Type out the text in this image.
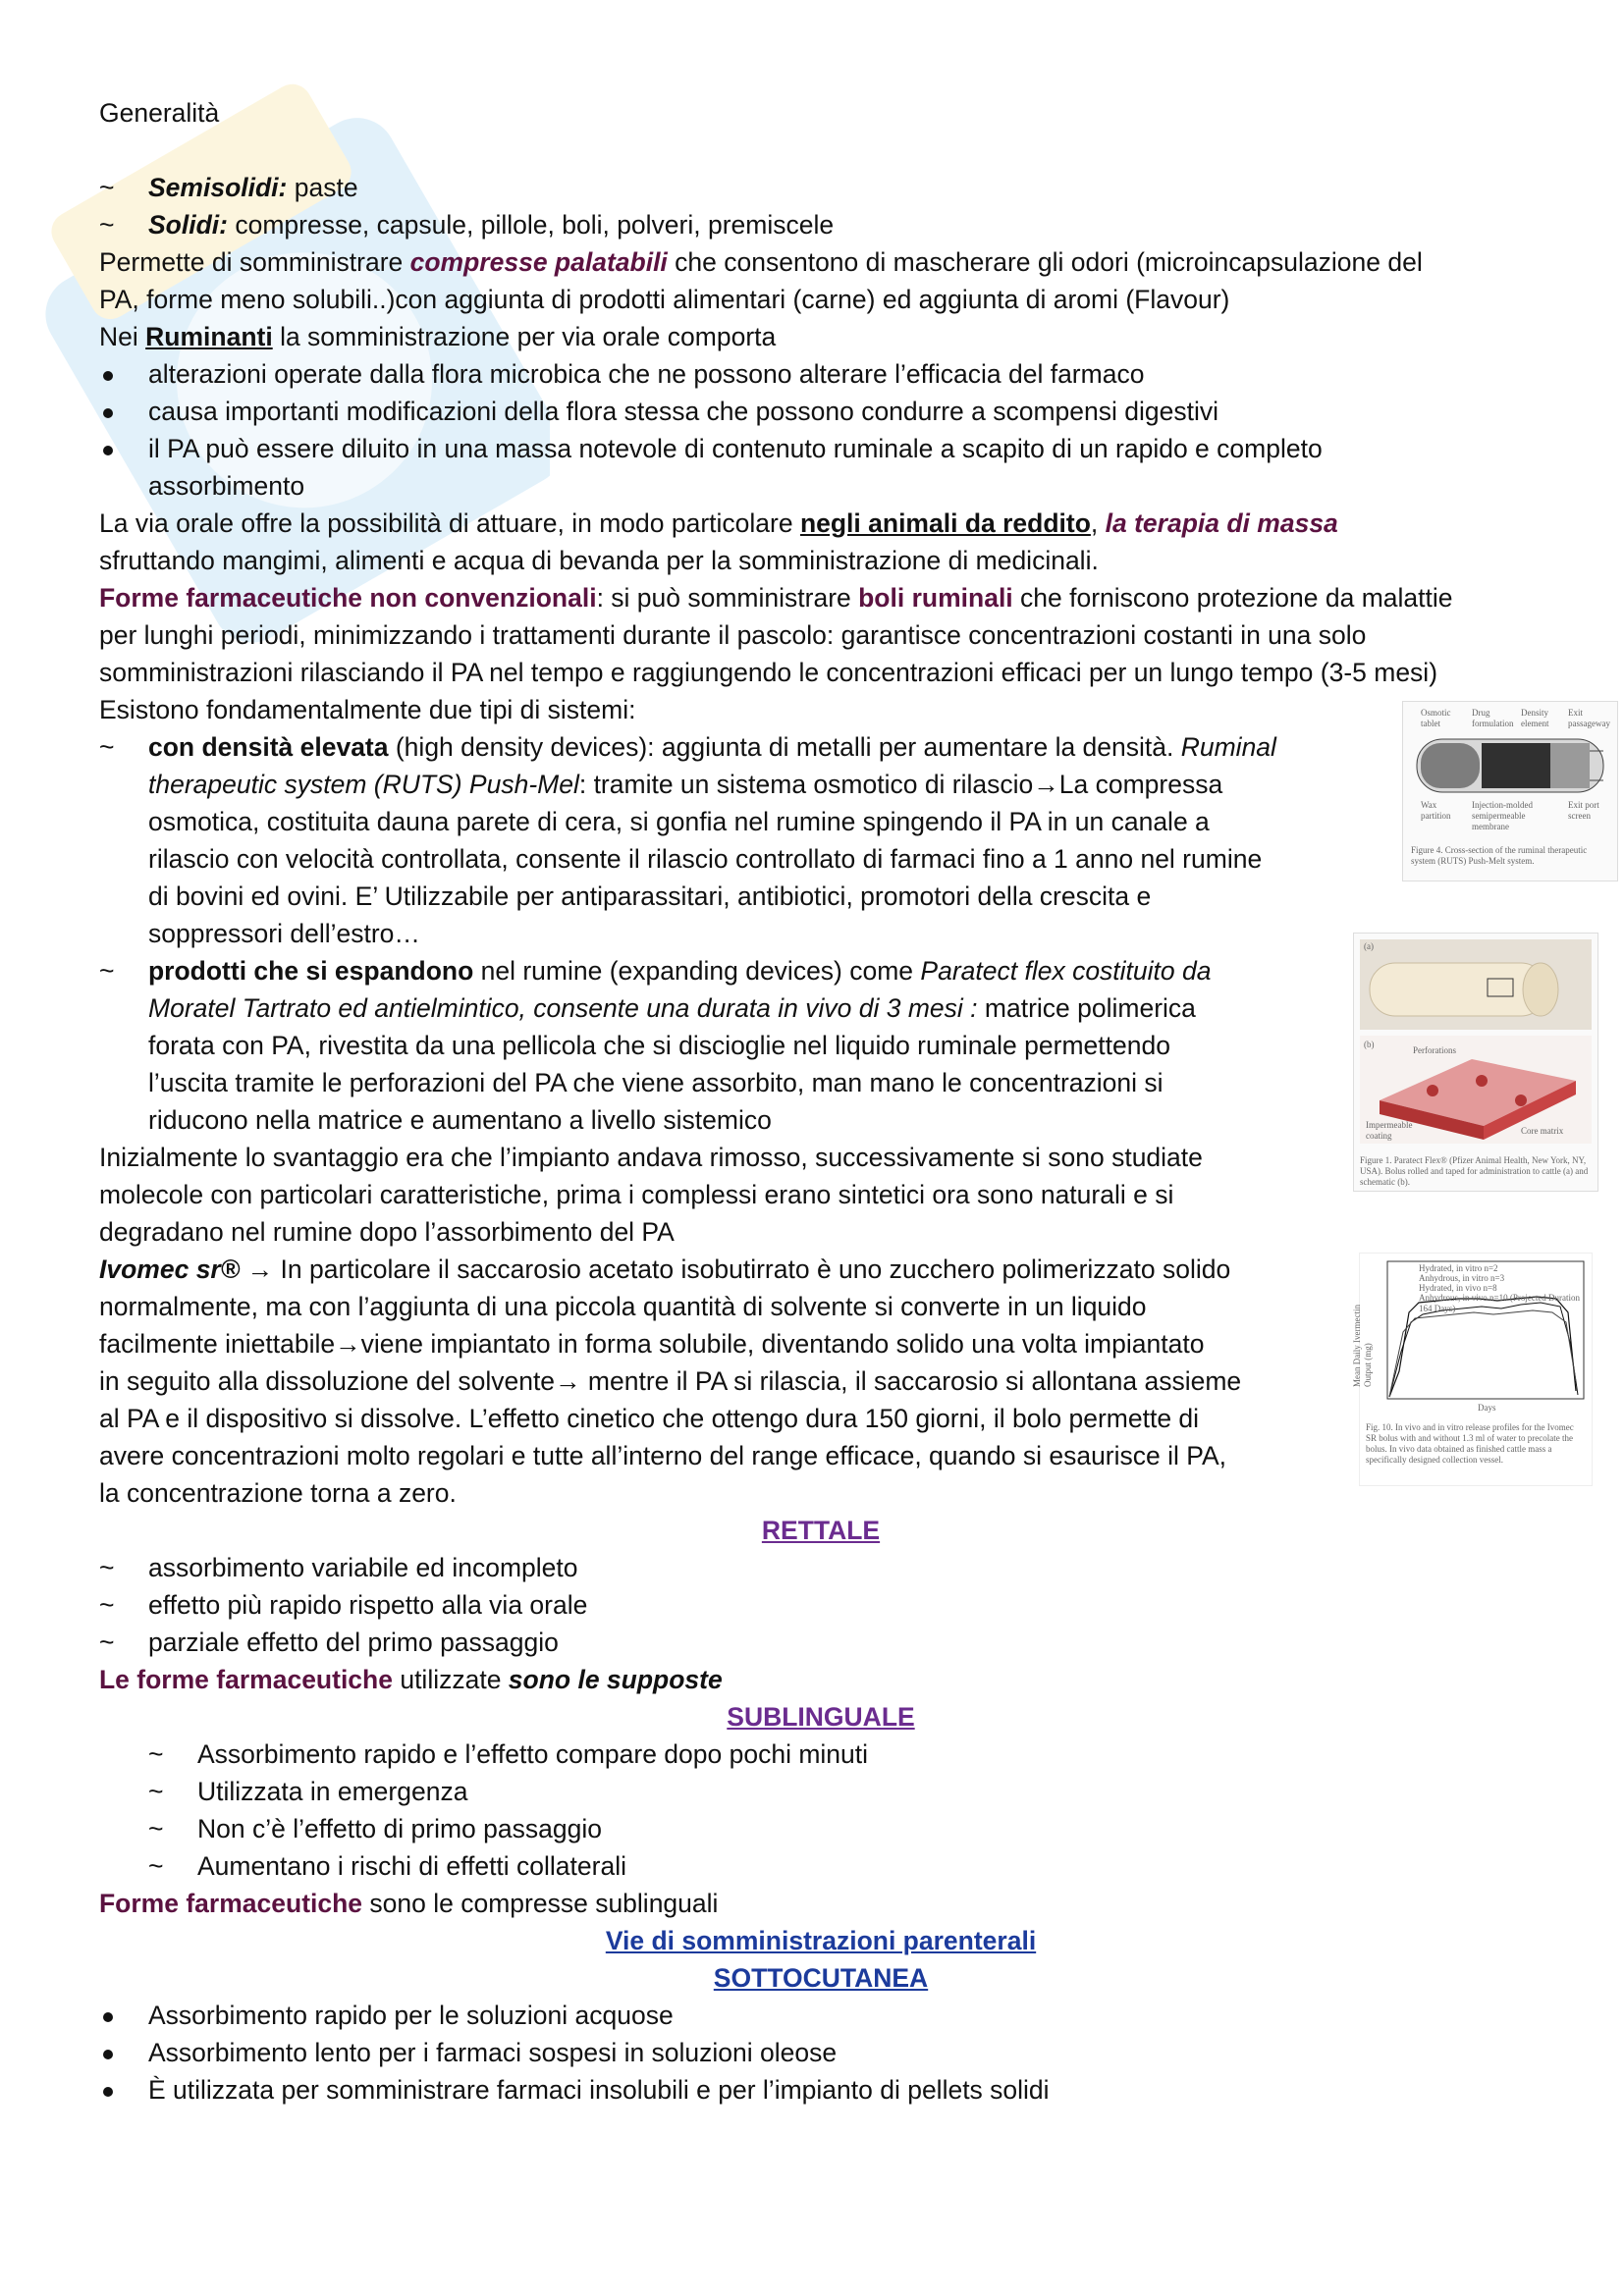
Generalità
~	Semisolidi: paste
~	Solidi: compresse, capsule, pillole, boli, polveri, premiscele
Permette di somministrare compresse palatabili che consentono di mascherare gli odori (microincapsulazione del
PA, forme meno solubili..)con aggiunta di prodotti alimentari (carne) ed aggiunta di aromi (Flavour)
Nei Ruminanti la somministrazione per via orale comporta
alterazioni operate dalla flora microbica che ne possono alterare l’efficacia del farmaco
causa importanti modificazioni della flora stessa che possono condurre a scompensi digestivi
il PA può essere diluito in una massa notevole di contenuto ruminale a scapito di un rapido e completo
assorbimento
La via orale offre la possibilità di attuare, in modo particolare negli animali da reddito, la terapia di massa
sfruttando mangimi, alimenti e acqua di bevanda per la somministrazione di medicinali.
Forme farmaceutiche non convenzionali: si può somministrare boli ruminali che forniscono protezione da malattie
per lunghi periodi, minimizzando i trattamenti durante il pascolo: garantisce concentrazioni costanti in una solo
somministrazioni rilasciando il PA nel tempo e raggiungendo le concentrazioni efficaci per un lungo tempo (3-5 mesi)
Esistono fondamentalmente due tipi di sistemi:
~	con densità elevata (high density devices): aggiunta di metalli per aumentare la densità. Ruminal
therapeutic system (RUTS) Push-Mel: tramite un sistema osmotico di rilascio→La compressa
osmotica, costituita dauna parete di cera, si gonfia nel rumine spingendo il PA in un canale a
rilascio con velocità controllata, consente il rilascio controllato di farmaci fino a 1 anno nel rumine
di bovini ed ovini. E’ Utilizzabile per antiparassitari, antibiotici, promotori della crescita e
soppressori dell’estro…
~	prodotti che si espandono nel rumine (expanding devices) come Paratect flex costituito da
Moratel Tartrato ed antielmintico, consente una durata in vivo di 3 mesi : matrice polimerica
forata con PA, rivestita da una pellicola che si discioglie nel liquido ruminale permettendo
l’uscita tramite le perforazioni del PA che viene assorbito, man mano le concentrazioni si
riducono nella matrice e aumentano a livello sistemico
Inizialmente lo svantaggio era che l’impianto andava rimosso, successivamente si sono studiate
molecole con particolari caratteristiche, prima i complessi erano sintetici ora sono naturali e si
degradano nel rumine dopo l’assorbimento del PA
Ivomec sr® → In particolare il saccarosio acetato isobutirrato è uno zucchero polimerizzato solido
normalmente, ma con l’aggiunta di una piccola quantità di solvente si converte in un liquido
facilmente iniettabile→viene impiantato in forma solubile, diventando solido una volta impiantato
in seguito alla dissoluzione del solvente→ mentre il PA si rilascia, il saccarosio si allontana assieme
al PA e il dispositivo si dissolve. L’effetto cinetico che ottengo dura 150 giorni, il bolo permette di
avere concentrazioni molto regolari e tutte all’interno del range efficace, quando si esaurisce il PA,
la concentrazione torna a zero.
RETTALE
~	assorbimento variabile ed incompleto
~	effetto più rapido rispetto alla via orale
~	parziale effetto del primo passaggio
Le forme farmaceutiche utilizzate sono le supposte
SUBLINGUALE
~	Assorbimento rapido e l’effetto compare dopo pochi minuti
~	Utilizzata in emergenza
~	Non c’è l’effetto di primo passaggio
~	Aumentano i rischi di effetti collaterali
Forme farmaceutiche sono le compresse sublinguali
Vie di somministrazioni parenterali
SOTTOCUTANEA
Assorbimento rapido per le soluzioni acquose
Assorbimento lento per i farmaci sospesi in soluzioni oleose
È utilizzata per somministrare farmaci insolubili e per l’impianto di pellets solidi
Osmotic tablet
Drug formulation
Density element
Exit passageway
Wax partition
Injection-molded semipermeable membrane
Exit port screen
Figure 4. Cross-section of the ruminal therapeutic system (RUTS) Push-Melt system.
(a)
(b)
Perforations
Impermeable coating	Core matrix
Figure 1. Paratect Flex® (Pfizer Animal Health, New York, NY, USA). Bolus rolled and taped for administration to cattle (a) and schematic (b).
Hydrated, in vitro n=2
Anhydrous, in vitro n=3
Hydrated, in vivo n=8
Anhydrous, in vivo n=10 (Projected Duration 164 Days)
Days
Mean Daily Ivermectin Output (mg)
Fig. 10. In vivo and in vitro release profiles for the Ivomec SR bolus with and without 1.3 ml of water to precolate the bolus. In vivo data obtained as finished cattle mass a specifically designed collection vessel.
